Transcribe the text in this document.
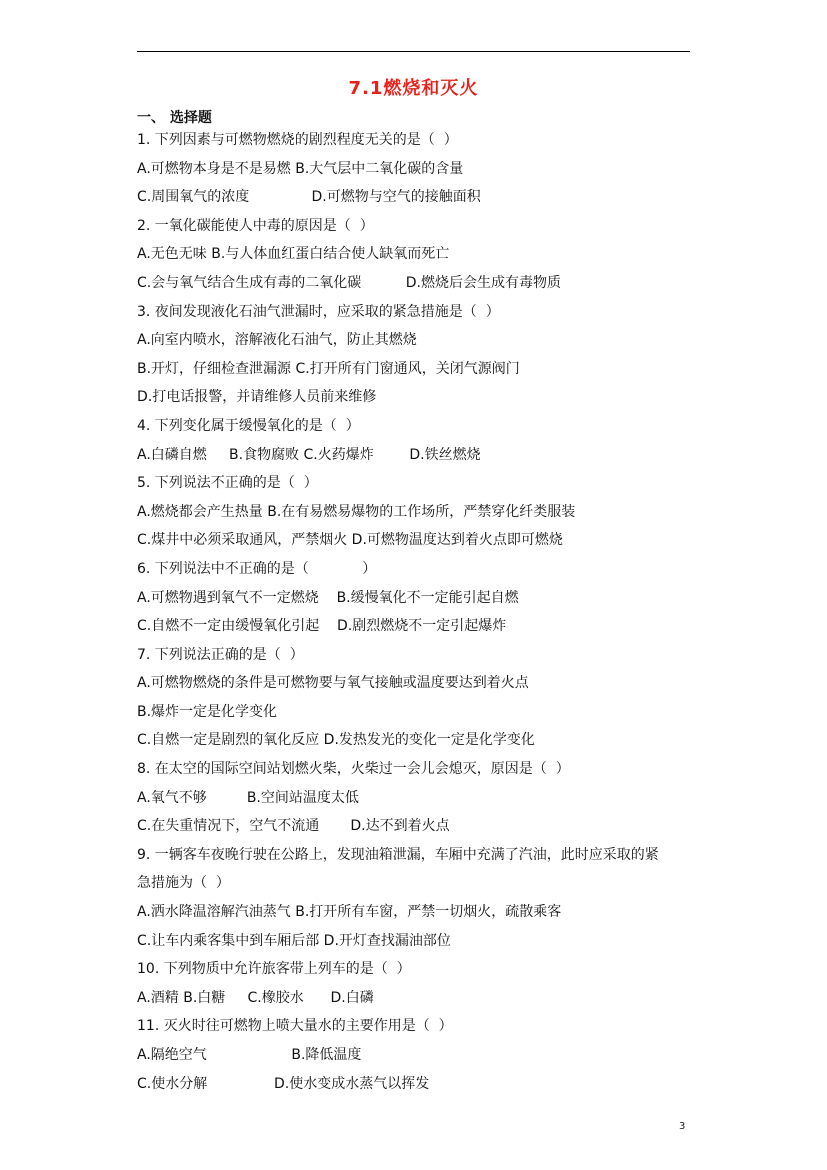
7.1燃烧和灭火
一、 选择题
1. 下列因素与可燃物燃烧的剧烈程度无关的是（  ）
A.可燃物本身是不是易燃 B.大气层中二氧化碳的含量
C.周围氧气的浓度              D.可燃物与空气的接触面积
2. 一氧化碳能使人中毒的原因是（  ）
A.无色无味 B.与人体血红蛋白结合使人缺氧而死亡
C.会与氧气结合生成有毒的二氧化碳          D.燃烧后会生成有毒物质
3. 夜间发现液化石油气泄漏时，应采取的紧急措施是（  ）
A.向室内喷水，溶解液化石油气，防止其燃烧
B.开灯，仔细检查泄漏源 C.打开所有门窗通风，关闭气源阀门
D.打电话报警，并请维修人员前来维修
4. 下列变化属于缓慢氧化的是（  ）
A.白磷自燃     B.食物腐败 C.火药爆炸        D.铁丝燃烧
5. 下列说法不正确的是（  ）
A.燃烧都会产生热量 B.在有易燃易爆物的工作场所，严禁穿化纤类服装
C.煤井中必须采取通风，严禁烟火 D.可燃物温度达到着火点即可燃烧
6. 下列说法中不正确的是（            ）
A.可燃物遇到氧气不一定燃烧    B.缓慢氧化不一定能引起自燃
C.自燃不一定由缓慢氧化引起    D.剧烈燃烧不一定引起爆炸
7. 下列说法正确的是（  ）
A.可燃物燃烧的条件是可燃物要与氧气接触或温度要达到着火点
B.爆炸一定是化学变化
C.自燃一定是剧烈的氧化反应 D.发热发光的变化一定是化学变化
8. 在太空的国际空间站划燃火柴，火柴过一会儿会熄灭，原因是（  ）
A.氧气不够         B.空间站温度太低
C.在失重情况下，空气不流通       D.达不到着火点
9. 一辆客车夜晚行驶在公路上，发现油箱泄漏，车厢中充满了汽油，此时应采取的紧
急措施为（  ）
A.洒水降温溶解汽油蒸气 B.打开所有车窗，严禁一切烟火，疏散乘客
C.让车内乘客集中到车厢后部 D.开灯查找漏油部位
10. 下列物质中允许旅客带上列车的是（  ）
A.酒精 B.白糖     C.橡胶水      D.白磷
11. 灭火时往可燃物上喷大量水的主要作用是（  ）
A.隔绝空气                   B.降低温度
C.使水分解               D.使水变成水蒸气以挥发
3
